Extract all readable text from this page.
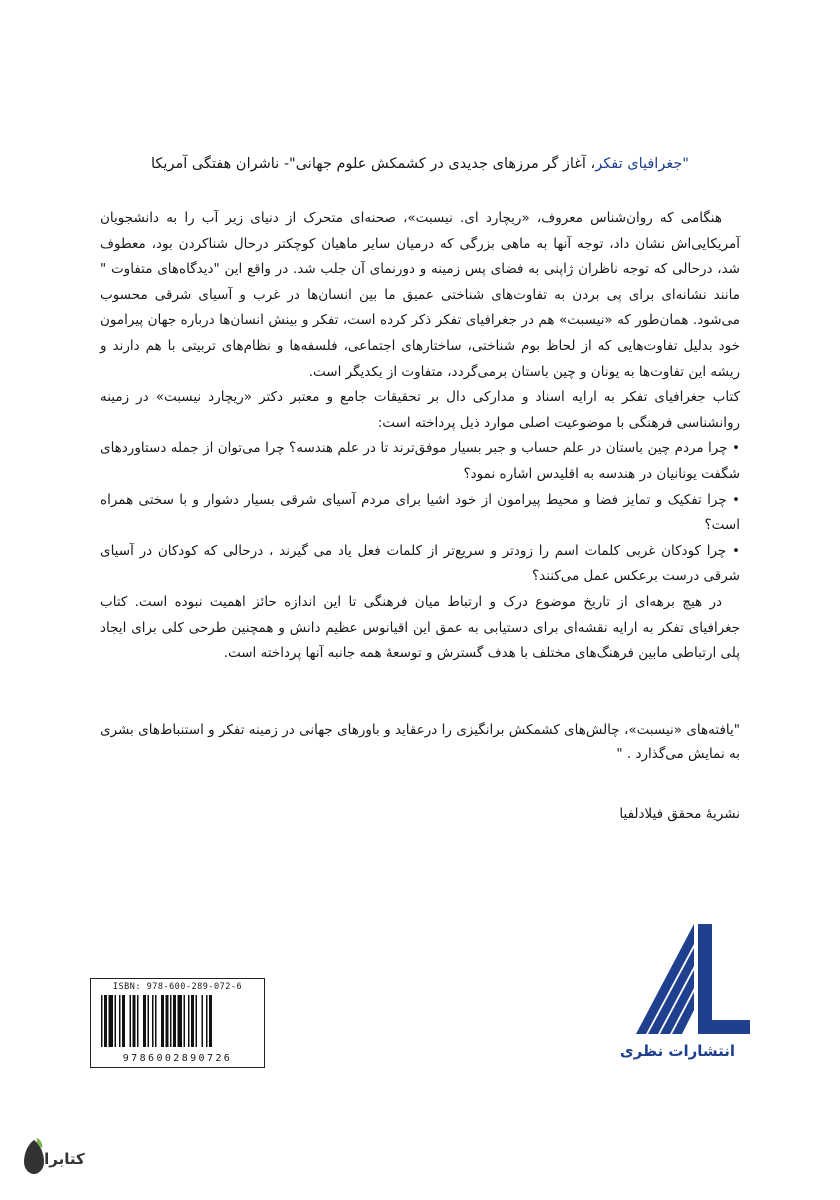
"جغرافیای تفکر، آغاز گر مرزهای جدیدی در کشمکش علوم جهانی"- ناشران هفتگی آمریکا

هنگامی که روان‌شناس معروف، «ریچارد ای. نیسبت»، صحنه‌ای متحرک از دنیای زیر آب را به دانشجویان آمریکایی‌اش نشان داد، توجه آنها به ماهی بزرگی که درمیان سایر ماهیان کوچکتر درحال شناکردن بود، معطوف شد، درحالی که توجه ناظران ژاپنی به فضای پس زمینه و دورنمای آن جلب شد. در واقع این "دیدگاه‌های متفاوت " مانند نشانه‌ای برای پی بردن به تفاوت‌های شناختی عمیق ما بین انسان‌ها در غرب و آسیای شرقی محسوب می‌شود. همان‌طور که «نیسبت» هم در جغرافیای تفکر ذکر کرده است، تفکر و بینش انسان‌ها درباره جهان پیرامون خود بدلیل تفاوت‌هایی که از لحاظ بوم شناختی، ساختارهای اجتماعی، فلسفه‌ها و نظام‌های تربیتی با هم دارند و ریشه این تفاوت‌ها به یونان و چین باستان برمی‌گردد، متفاوت از یکدیگر است.

کتاب جغرافیای تفکر به ارایه اسناد و مدارکی دال بر تحقیقات جامع و معتبر دکتر «ریچارد نیسبت» در زمینه روانشناسی فرهنگی با موضوعیت اصلی موارد ذیل پرداخته است:

• چرا مردم چین باستان در علم حساب و جبر بسیار موفق‌ترند تا در علم هندسه؟ چرا می‌توان از جمله دستاوردهای شگفت یونانیان در هندسه به اقلیدس اشاره نمود؟

• چرا تفکیک و تمایز فضا و محیط پیرامون از خود اشیا برای مردم آسیای شرقی بسیار دشوار و با سختی همراه است؟

• چرا کودکان غربی کلمات اسم را زودتر و سریع‌تر از کلمات فعل یاد می گیرند ، درحالی که کودکان در آسیای شرقی درست برعکس عمل می‌کنند؟

در هیچ برهه‌ای از تاریخ موضوع درک و ارتباط میان فرهنگی تا این اندازه حائز اهمیت نبوده است. کتاب جغرافیای تفکر به ارایه نقشه‌ای برای دستیابی به عمق این اقیانوس عظیم دانش و همچنین طرحی کلی برای ایجاد پلی ارتباطی مابین فرهنگ‌های مختلف با هدف گسترش و توسعهٔ همه جانبه آنها پرداخته است.

"یافته‌های «نیسبت»، چالش‌های کشمکش برانگیزی را درعقاید و باورهای جهانی در زمینه تفکر و استنباط‌های بشری به نمایش می‌گذارد . "

نشریهٔ محقق فیلادلفیا
ISBN: 978-600-289-072-6
9786002890726	انتشارات نظری
کتابراه
